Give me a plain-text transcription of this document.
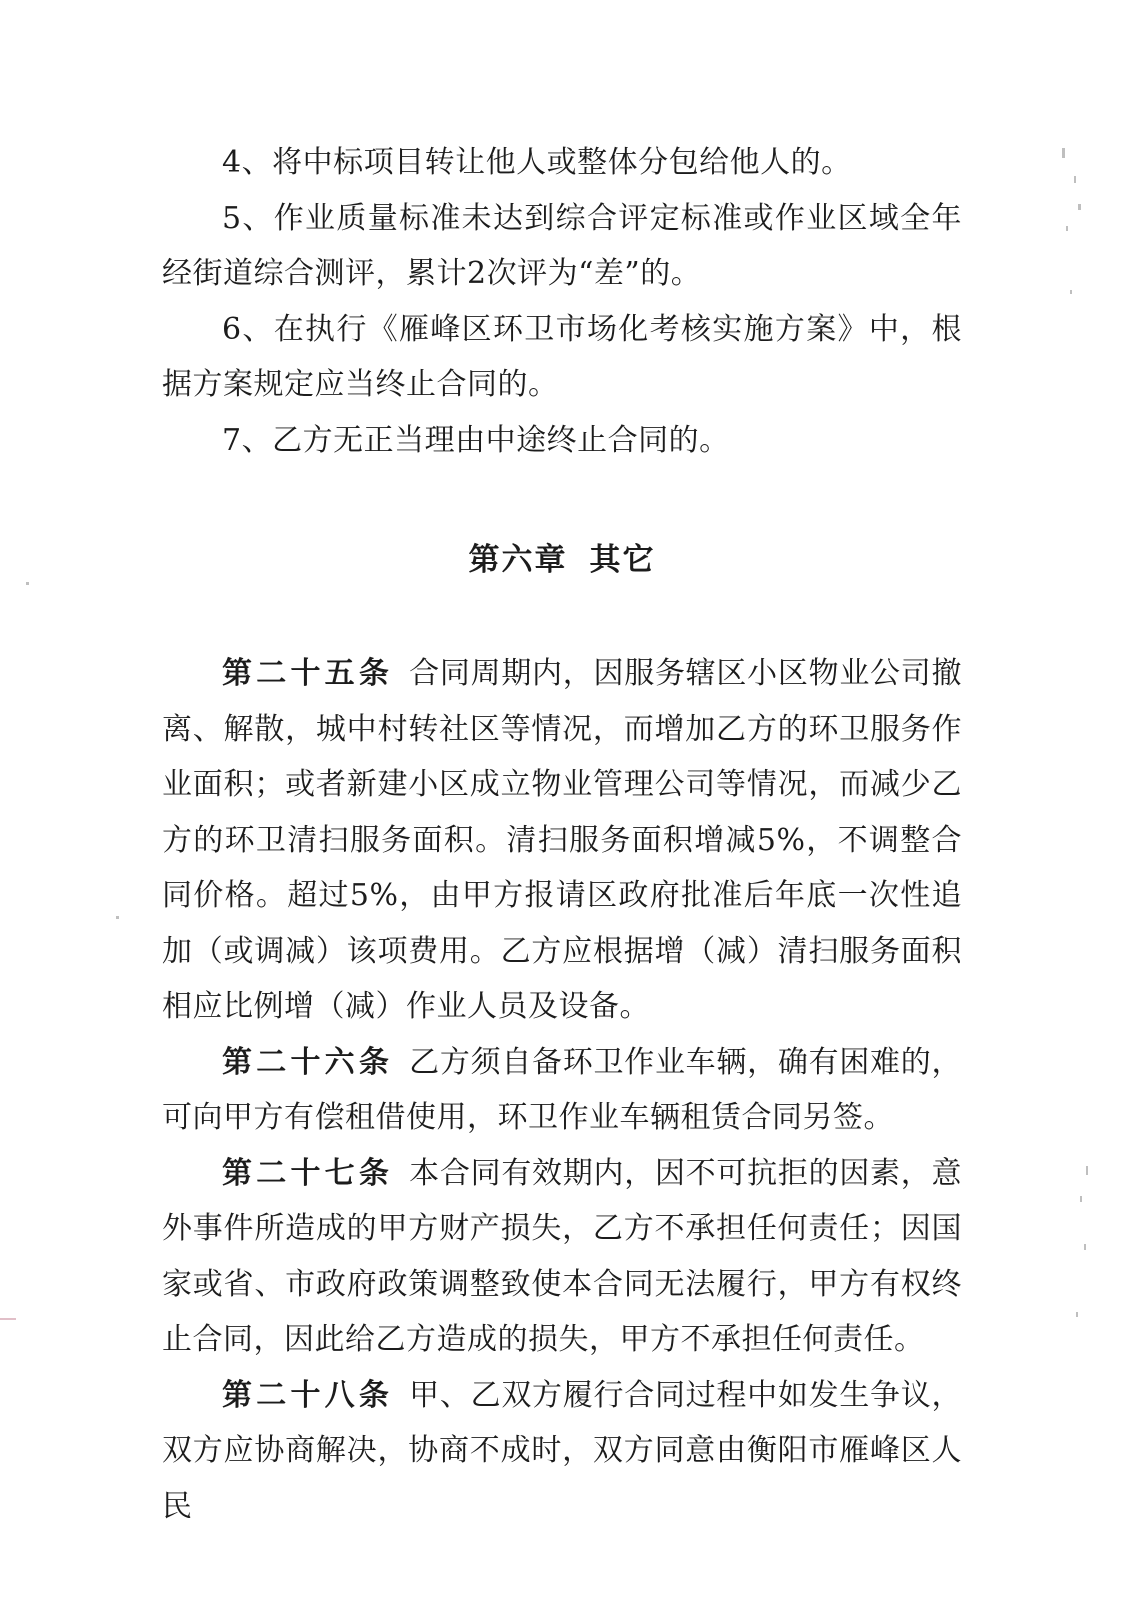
4、将中标项目转让他人或整体分包给他人的。

5、作业质量标准未达到综合评定标准或作业区域全年经街道综合测评，累计2次评为“差”的。

6、在执行《雁峰区环卫市场化考核实施方案》中，根据方案规定应当终止合同的。

7、乙方无正当理由中途终止合同的。

第六章 其它

第二十五条 合同周期内，因服务辖区小区物业公司撤离、解散，城中村转社区等情况，而增加乙方的环卫服务作业面积；或者新建小区成立物业管理公司等情况，而减少乙方的环卫清扫服务面积。清扫服务面积增减5%，不调整合同价格。超过5%，由甲方报请区政府批准后年底一次性追加（或调减）该项费用。乙方应根据增（减）清扫服务面积相应比例增（减）作业人员及设备。

第二十六条 乙方须自备环卫作业车辆，确有困难的，可向甲方有偿租借使用，环卫作业车辆租赁合同另签。

第二十七条 本合同有效期内，因不可抗拒的因素，意外事件所造成的甲方财产损失，乙方不承担任何责任；因国家或省、市政府政策调整致使本合同无法履行，甲方有权终止合同，因此给乙方造成的损失，甲方不承担任何责任。

第二十八条 甲、乙双方履行合同过程中如发生争议，双方应协商解决，协商不成时，双方同意由衡阳市雁峰区人民
